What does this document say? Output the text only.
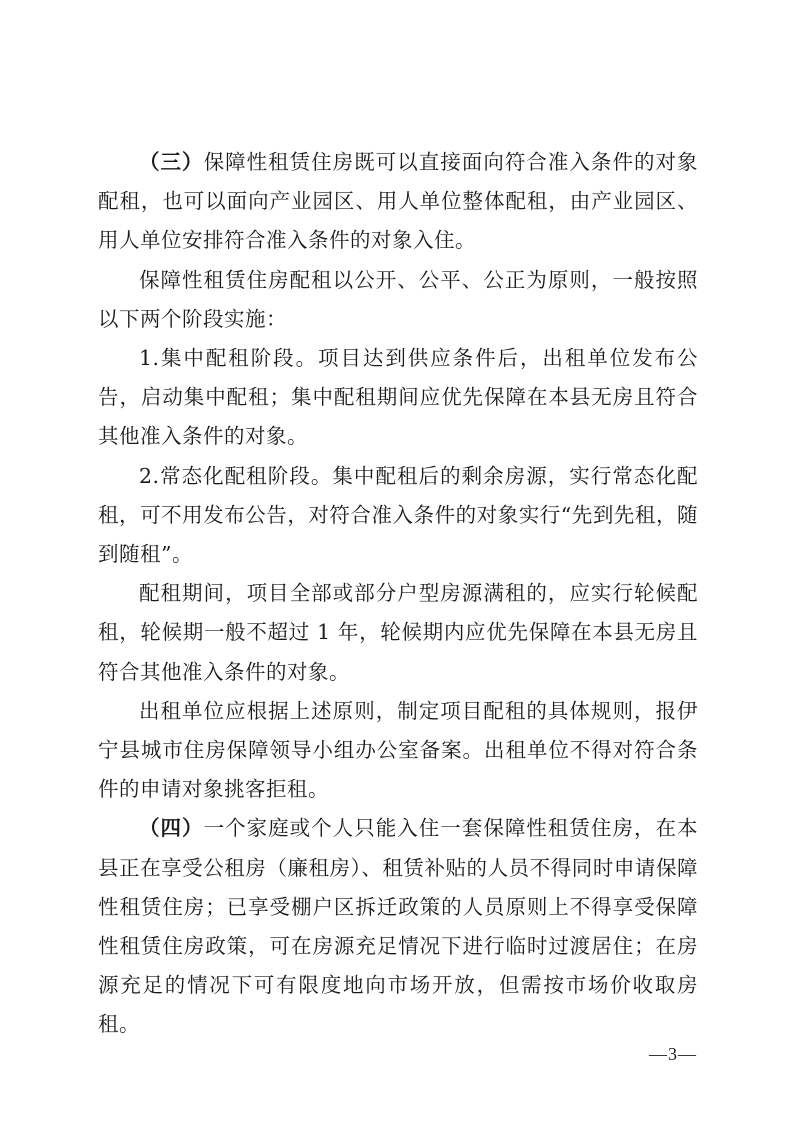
（三）保障性租赁住房既可以直接面向符合准入条件的对象配租，也可以面向产业园区、用人单位整体配租，由产业园区、用人单位安排符合准入条件的对象入住。

保障性租赁住房配租以公开、公平、公正为原则，一般按照以下两个阶段实施：

1.集中配租阶段。项目达到供应条件后，出租单位发布公告，启动集中配租；集中配租期间应优先保障在本县无房且符合其他准入条件的对象。

2.常态化配租阶段。集中配租后的剩余房源，实行常态化配租，可不用发布公告，对符合准入条件的对象实行“先到先租，随到随租”。

配租期间，项目全部或部分户型房源满租的，应实行轮候配租，轮候期一般不超过 1 年，轮候期内应优先保障在本县无房且符合其他准入条件的对象。

出租单位应根据上述原则，制定项目配租的具体规则，报伊宁县城市住房保障领导小组办公室备案。出租单位不得对符合条件的申请对象挑客拒租。

（四）一个家庭或个人只能入住一套保障性租赁住房，在本县正在享受公租房（廉租房）、租赁补贴的人员不得同时申请保障性租赁住房；已享受棚户区拆迁政策的人员原则上不得享受保障性租赁住房政策，可在房源充足情况下进行临时过渡居住；在房源充足的情况下可有限度地向市场开放，但需按市场价收取房租。

—3—
